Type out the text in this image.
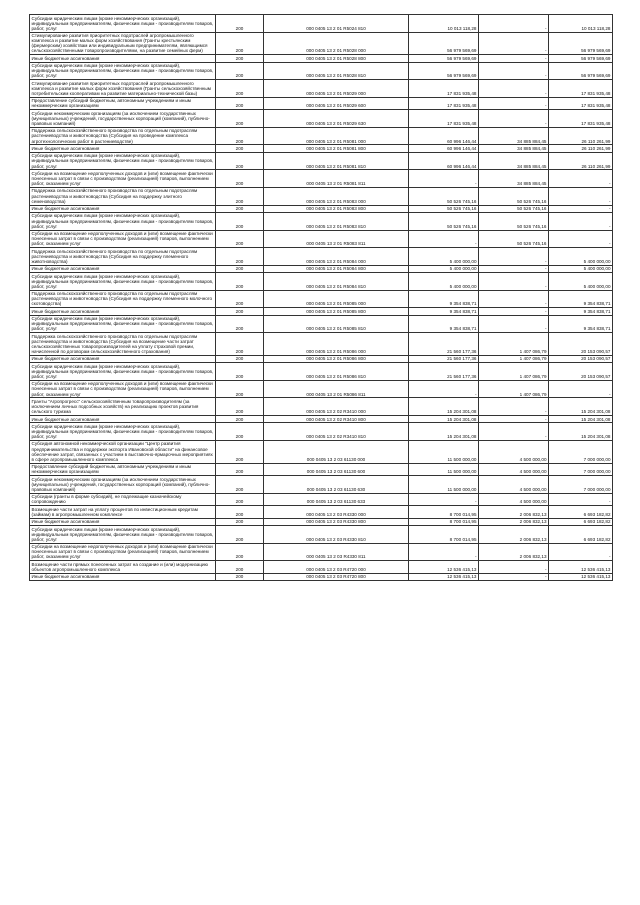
Субсидии юридическим лицам (кроме некоммерческих организаций), индивидуальным предпринимателям, физическим лицам - производителям товаров, работ, услуг	200	000 0405 13 2 01 R5024 810	10 013 118,28	-	10 013 118,28
Стимулирование развития приоритетных подотраслей агропромышленного комплекса и развитие малых форм хозяйствования (Гранты крестьянским (фермерским) хозяйствам или индивидуальным предпринимателям, являющимся сельскохозяйственными товаропроизводителями, на развитие семейных ферм)	200	000 0405 13 2 01 R5028 000	56 979 569,69	-	56 979 569,69
Иные бюджетные ассигнования	200	000 0405 13 2 01 R5028 800	56 979 569,69	-	56 979 569,69
Субсидии юридическим лицам (кроме некоммерческих организаций), индивидуальным предпринимателям, физическим лицам - производителям товаров, работ, услуг	200	000 0405 13 2 01 R5028 810	56 979 569,69	-	56 979 569,69
Стимулирование развития приоритетных подотраслей агропромышленного комплекса и развитие малых форм хозяйствования (Гранты сельскохозяйственным потребительским кооперативам на развитие материально-технической базы)	200	000 0405 13 2 01 R5029 000	17 831 935,48	-	17 831 935,48
Предоставление субсидий бюджетным, автономным учреждениям и иным некоммерческим организациям	200	000 0405 13 2 01 R5029 600	17 831 935,48	-	17 831 935,48
Субсидии некоммерческим организациям (за исключением государственных (муниципальных) учреждений, государственных корпораций (компаний), публично-правовых компаний)	200	000 0405 13 2 01 R5029 630	17 831 935,48	-	17 831 935,48
Поддержка сельскохозяйственного производства по отдельным подотраслям растениеводства и животноводства (Субсидия на проведение комплекса агротехнологических работ в растениеводстве)	200	000 0405 13 2 01 R5081 000	60 996 146,44	34 885 884,45	26 110 261,99
Иные бюджетные ассигнования	200	000 0405 13 2 01 R5081 800	60 996 146,44	34 885 884,45	26 110 261,99
Субсидии юридическим лицам (кроме некоммерческих организаций), индивидуальным предпринимателям, физическим лицам - производителям товаров, работ, услуг	200	000 0405 13 2 01 R5081 810	60 996 146,44	34 885 884,45	26 110 261,99
Субсидии на возмещение недополученных доходов и (или) возмещение фактически понесенных затрат в связи с производством (реализацией) товаров, выполнением работ, оказанием услуг	200	000 0405 13 2 01 R5081 811	-	34 885 884,45	-
Поддержка сельскохозяйственного производства по отдельным подотраслям растениеводства и животноводства (Субсидия на поддержку элитного семеноводства)	200	000 0405 13 2 01 R5083 000	50 526 745,16	50 526 745,16	-
Иные бюджетные ассигнования	200	000 0405 13 2 01 R5083 800	50 526 745,16	50 526 745,16	-
Субсидии юридическим лицам (кроме некоммерческих организаций), индивидуальным предпринимателям, физическим лицам - производителям товаров, работ, услуг	200	000 0405 13 2 01 R5083 810	50 526 745,16	50 526 745,16	-
Субсидии на возмещение недополученных доходов и (или) возмещение фактически понесенных затрат в связи с производством (реализацией) товаров, выполнением работ, оказанием услуг	200	000 0405 13 2 01 R5083 811	-	50 526 745,16	-
Поддержка сельскохозяйственного производства по отдельным подотраслям растениеводства и животноводства (Субсидия на поддержку племенного животноводства)	200	000 0405 13 2 01 R5084 000	5 400 000,00	-	5 400 000,00
Иные бюджетные ассигнования	200	000 0405 13 2 01 R5084 800	5 400 000,00	-	5 400 000,00
Субсидии юридическим лицам (кроме некоммерческих организаций), индивидуальным предпринимателям, физическим лицам - производителям товаров, работ, услуг	200	000 0405 13 2 01 R5084 810	5 400 000,00	-	5 400 000,00
Поддержка сельскохозяйственного производства по отдельным подотраслям растениеводства и животноводства (Субсидия на поддержку племенного молочного скотоводства)	200	000 0405 13 2 01 R5085 000	9 354 838,71	-	9 354 838,71
Иные бюджетные ассигнования	200	000 0405 13 2 01 R5085 800	9 354 838,71	-	9 354 838,71
Субсидии юридическим лицам (кроме некоммерческих организаций), индивидуальным предпринимателям, физическим лицам - производителям товаров, работ, услуг	200	000 0405 13 2 01 R5085 810	9 354 838,71	-	9 354 838,71
Поддержка сельскохозяйственного производства по отдельным подотраслям растениеводства и животноводства (Субсидия на возмещение части затрат сельскохозяйственных товаропроизводителей на уплату страховой премии, начисленной по договорам сельскохозяйственного страхования)	200	000 0405 13 2 01 R5086 000	21 560 177,36	1 407 086,79	20 153 090,57
Иные бюджетные ассигнования	200	000 0405 13 2 01 R5086 800	21 560 177,36	1 407 086,79	20 153 090,57
Субсидии юридическим лицам (кроме некоммерческих организаций), индивидуальным предпринимателям, физическим лицам - производителям товаров, работ, услуг	200	000 0405 13 2 01 R5086 810	21 560 177,36	1 407 086,79	20 153 090,57
Субсидии на возмещение недополученных доходов и (или) возмещение фактически понесенных затрат в связи с производством (реализацией) товаров, выполнением работ, оказанием услуг	200	000 0405 13 2 01 R5086 811	-	1 407 086,79	-
Гранты "Агропрогресс" сельскохозяйственным товаропроизводителям (за исключением личных подсобных хозяйств) на реализацию проектов развития сельского туризма	200	000 0405 13 2 02 R3410 000	15 204 301,08	-	15 204 301,08
Иные бюджетные ассигнования	200	000 0405 13 2 02 R3410 800	15 204 301,08	-	15 204 301,08
Субсидии юридическим лицам (кроме некоммерческих организаций), индивидуальным предпринимателям, физическим лицам - производителям товаров, работ, услуг	200	000 0405 13 2 02 R3410 810	15 204 301,08	-	15 204 301,08
Субсидия автономной некоммерческой организации "Центр развития предпринимательства и поддержки экспорта Ивановской области" на финансовое обеспечение затрат, связанных с участием в выставочно-ярмарочных мероприятиях в сфере агропромышленного комплекса	200	000 0405 13 2 03 61130 000	11 500 000,00	4 500 000,00	7 000 000,00
Предоставление субсидий бюджетным, автономным учреждениям и иным некоммерческим организациям	200	000 0405 13 2 03 61130 600	11 500 000,00	4 500 000,00	7 000 000,00
Субсидии некоммерческим организациям (за исключением государственных (муниципальных) учреждений, государственных корпораций (компаний), публично-правовых компаний)	200	000 0405 13 2 03 61130 630	11 500 000,00	4 500 000,00	7 000 000,00
Субсидии (гранты в форме субсидий), не подлежащие казначейскому сопровождению	200	000 0405 13 2 03 61130 633	-	4 500 000,00	-
Возмещение части затрат на уплату процентов по инвестиционным кредитам (займам) в агропромышленном комплексе	200	000 0405 13 2 03 R4330 000	8 700 014,95	2 006 832,13	6 693 182,82
Иные бюджетные ассигнования	200	000 0405 13 2 03 R4330 800	8 700 014,95	2 006 832,13	6 693 182,82
Субсидии юридическим лицам (кроме некоммерческих организаций), индивидуальным предпринимателям, физическим лицам - производителям товаров, работ, услуг	200	000 0405 13 2 03 R4330 810	8 700 014,95	2 006 832,13	6 693 182,82
Субсидии на возмещение недополученных доходов и (или) возмещение фактически понесенных затрат в связи с производством (реализацией) товаров, выполнением работ, оказанием услуг	200	000 0405 13 2 03 R4330 811	-	2 006 832,13	-
Возмещение части прямых понесенных затрат на создание и (или) модернизацию объектов агропромышленного комплекса	200	000 0405 13 2 03 R4720 000	12 536 415,13	-	12 536 415,13
Иные бюджетные ассигнования	200	000 0405 13 2 03 R4720 800	12 536 415,13	-	12 536 415,13
